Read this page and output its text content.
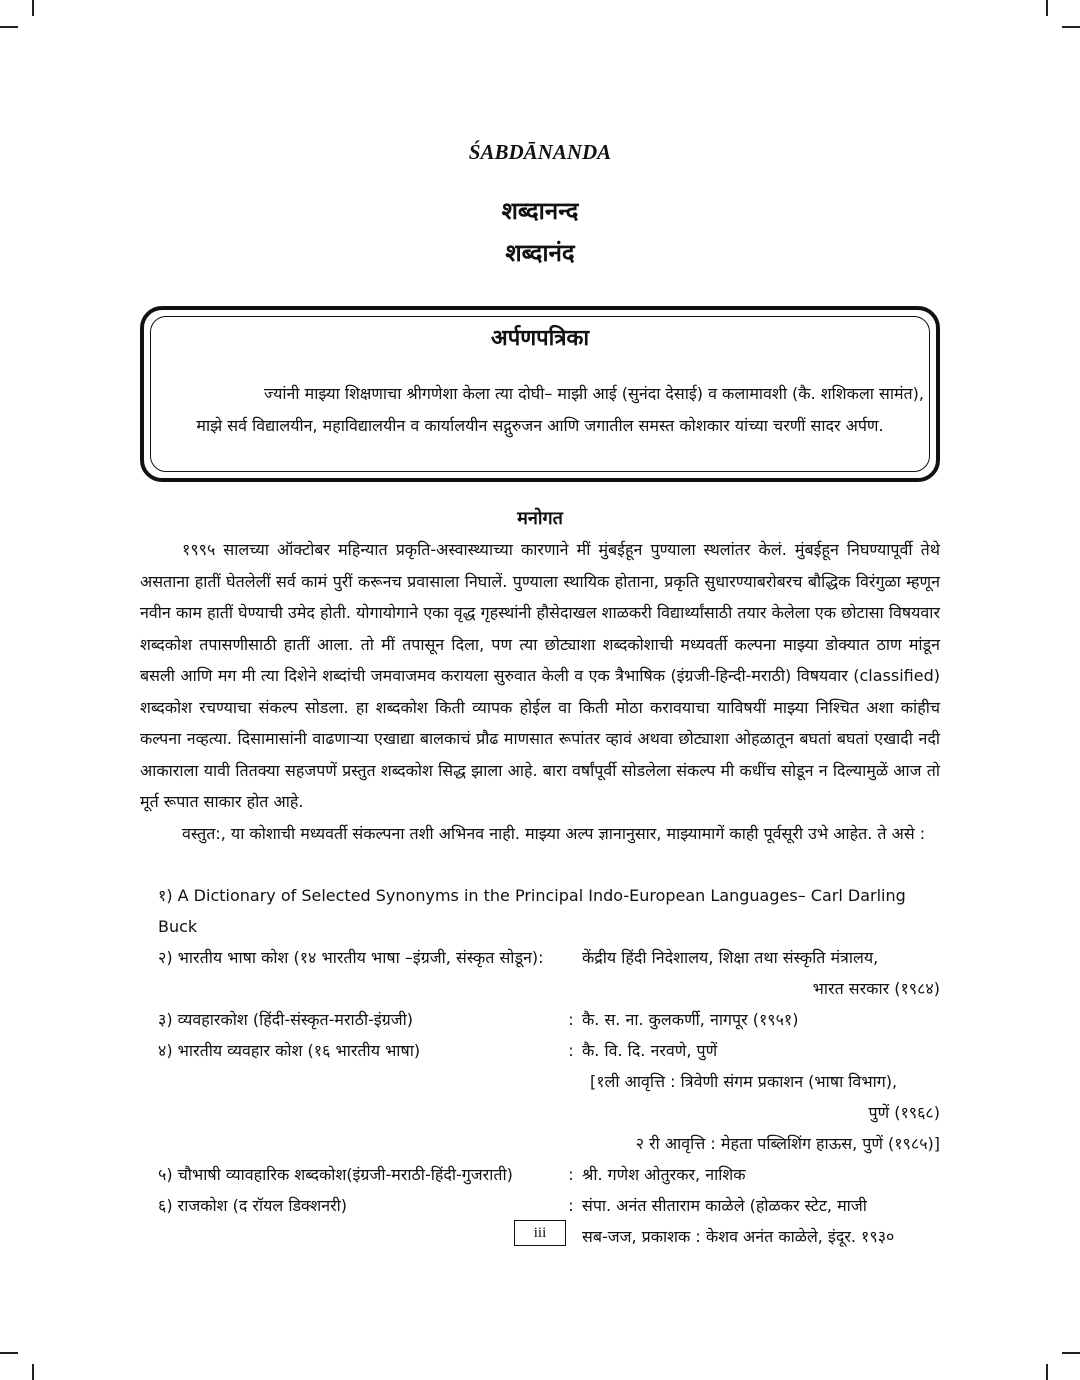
ŚABDĀNANDA
शब्दानन्द
शब्दानंद
अर्पणपत्रिका

ज्यांनी माझ्या शिक्षणाचा श्रीगणेशा केला त्या दोघी– माझी आई (सुनंदा देसाई) व कलामावशी (कै. शशिकला सामंत),

माझे सर्व विद्यालयीन, महाविद्यालयीन व कार्यालयीन सद्गुरुजन आणि जगातील समस्त कोशकार यांच्या चरणीं सादर अर्पण.

मनोगत

१९९५ सालच्या ऑक्टोबर महिन्यात प्रकृति-अस्वास्थ्याच्या कारणाने मीं मुंबईहून पुण्याला स्थलांतर केलं. मुंबईहून निघण्यापूर्वी तेथे असताना हातीं घेतलेलीं सर्व कामं पुरीं करूनच प्रवासाला निघालें. पुण्याला स्थायिक होताना, प्रकृति सुधारण्याबरोबरच बौद्धिक विरंगुळा म्हणून नवीन काम हातीं घेण्याची उमेद होती. योगायोगाने एका वृद्ध गृहस्थांनी हौसेदाखल शाळकरी विद्यार्थ्यांसाठी तयार केलेला एक छोटासा विषयवार शब्दकोश तपासणीसाठी हातीं आला. तो मीं तपासून दिला, पण त्या छोट्याशा शब्दकोशाची मध्यवर्ती कल्पना माझ्या डोक्यात ठाण मांडून बसली आणि मग मी त्या दिशेने शब्दांची जमवाजमव करायला सुरुवात केली व एक त्रैभाषिक (इंग्रजी-हिन्दी-मराठी) विषयवार (classified) शब्दकोश रचण्याचा संकल्प सोडला. हा शब्दकोश किती व्यापक होईल वा किती मोठा करावयाचा याविषयीं माझ्या निश्चित अशा कांहीच कल्पना नव्हत्या. दिसामासांनी वाढणाऱ्या एखाद्या बालकाचं प्रौढ माणसात रूपांतर व्हावं अथवा छोट्याशा ओहळातून बघतां बघतां एखादी नदी आकाराला यावी तितक्या सहजपणें प्रस्तुत शब्दकोश सिद्ध झाला आहे. बारा वर्षांपूर्वी सोडलेला संकल्प मी कधींच सोडून न दिल्यामुळें आज तो मूर्त रूपात साकार होत आहे.

वस्तुत:, या कोशाची मध्यवर्ती संकल्पना तशी अभिनव नाही. माझ्या अल्प ज्ञानानुसार, माझ्यामागें काही पूर्वसूरी उभे आहेत. ते असे :

१) A Dictionary of Selected Synonyms in the Principal Indo-European Languages– Carl Darling Buck
२) भारतीय भाषा कोश (१४ भारतीय भाषा –इंग्रजी, संस्कृत सोडून):	केंद्रीय हिंदी निदेशालय, शिक्षा तथा संस्कृति मंत्रालय,
भारत सरकार (१९८४)
३) व्यवहारकोश (हिंदी-संस्कृत-मराठी-इंग्रजी)	: कै. स. ना. कुलकर्णी, नागपूर (१९५१)
४) भारतीय व्यवहार कोश (१६ भारतीय भाषा)	: कै. वि. दि. नरवणे, पुणें
[१ली आवृत्ति : त्रिवेणी संगम प्रकाशन (भाषा विभाग),
पुणें (१९६८)
२ री आवृत्ति : मेहता पब्लिशिंग हाऊस, पुणें (१९८५)]
५) चौभाषी व्यावहारिक शब्दकोश(इंग्रजी-मराठी-हिंदी-गुजराती)	: श्री. गणेश ओतुरकर, नाशिक
६) राजकोश (द रॉयल डिक्शनरी)	: संपा. अनंत सीताराम काळेले (होळकर स्टेट, माजी
सब-जज, प्रकाशक : केशव अनंत काळेले, इंदूर. १९३०
iii
